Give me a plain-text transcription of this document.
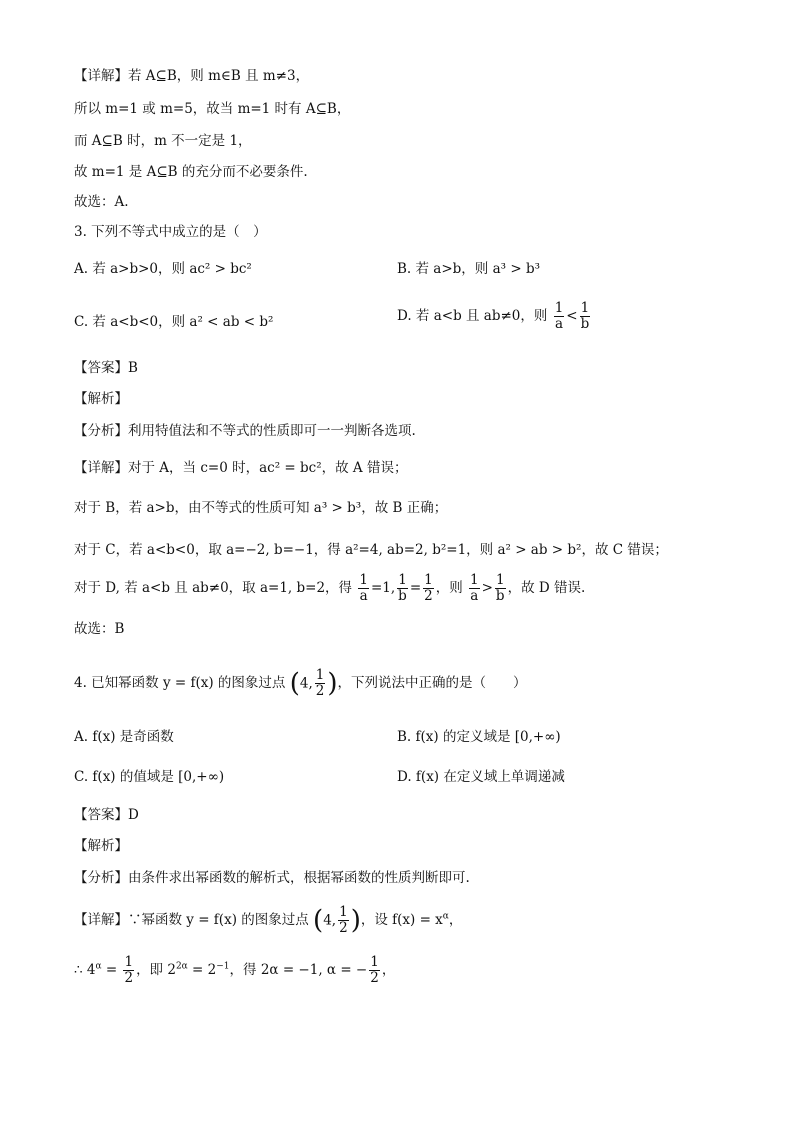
【详解】若 A⊆B，则 m∈B 且 m≠3，
所以 m=1 或 m=5，故当 m=1 时有 A⊆B，
而 A⊆B 时，m 不一定是 1，
故 m=1 是 A⊆B 的充分而不必要条件.
故选：A.
3. 下列不等式中成立的是（　）
A. 若 a>b>0，则 ac² > bc²	B. 若 a>b，则 a³ > b³
C. 若 a<b<0，则 a² < ab < b²	D. 若 a<b 且 ab≠0，则 $\frac{1}{a} < \frac{1}{b}$
【答案】B
【解析】
【分析】利用特值法和不等式的性质即可一一判断各选项.
【详解】对于 A，当 c=0 时，ac² = bc²，故 A 错误；
对于 B，若 a>b，由不等式的性质可知 a³ > b³，故 B 正确；
对于 C，若 a<b<0，取 a=−2, b=−1，得 a²=4, ab=2, b²=1，则 a² > ab > b²，故 C 错误；
对于 D, 若 a<b 且 ab≠0，取 a=1, b=2，得 $\frac{1}{a} =1$, $\frac{1}{b} = \frac{1}{2}$ ，则 $\frac{1}{a} > \frac{1}{b}$ ，故 D 错误.
故选：B
4. 已知幂函数 y = f(x) 的图象过点 (4, $\frac{1}{2}$ )，下列说法中正确的是（　　）
A. f(x) 是奇函数	B. f(x) 的定义域是 [0,+∞)
C. f(x) 的值域是 [0,+∞)	D. f(x) 在定义域上单调递减
【答案】D
【解析】
【分析】由条件求出幂函数的解析式，根据幂函数的性质判断即可.
【详解】∵幂函数 y = f(x) 的图象过点 (4, $\frac{1}{2}$ )，设 $f(x) = x^\alpha$，
∴ $4^\alpha = \frac{1}{2}$ ，即 $2^{2\alpha} = 2^{-1}$，得 2α = −1, α = − $\frac{1}{2}$ ，
